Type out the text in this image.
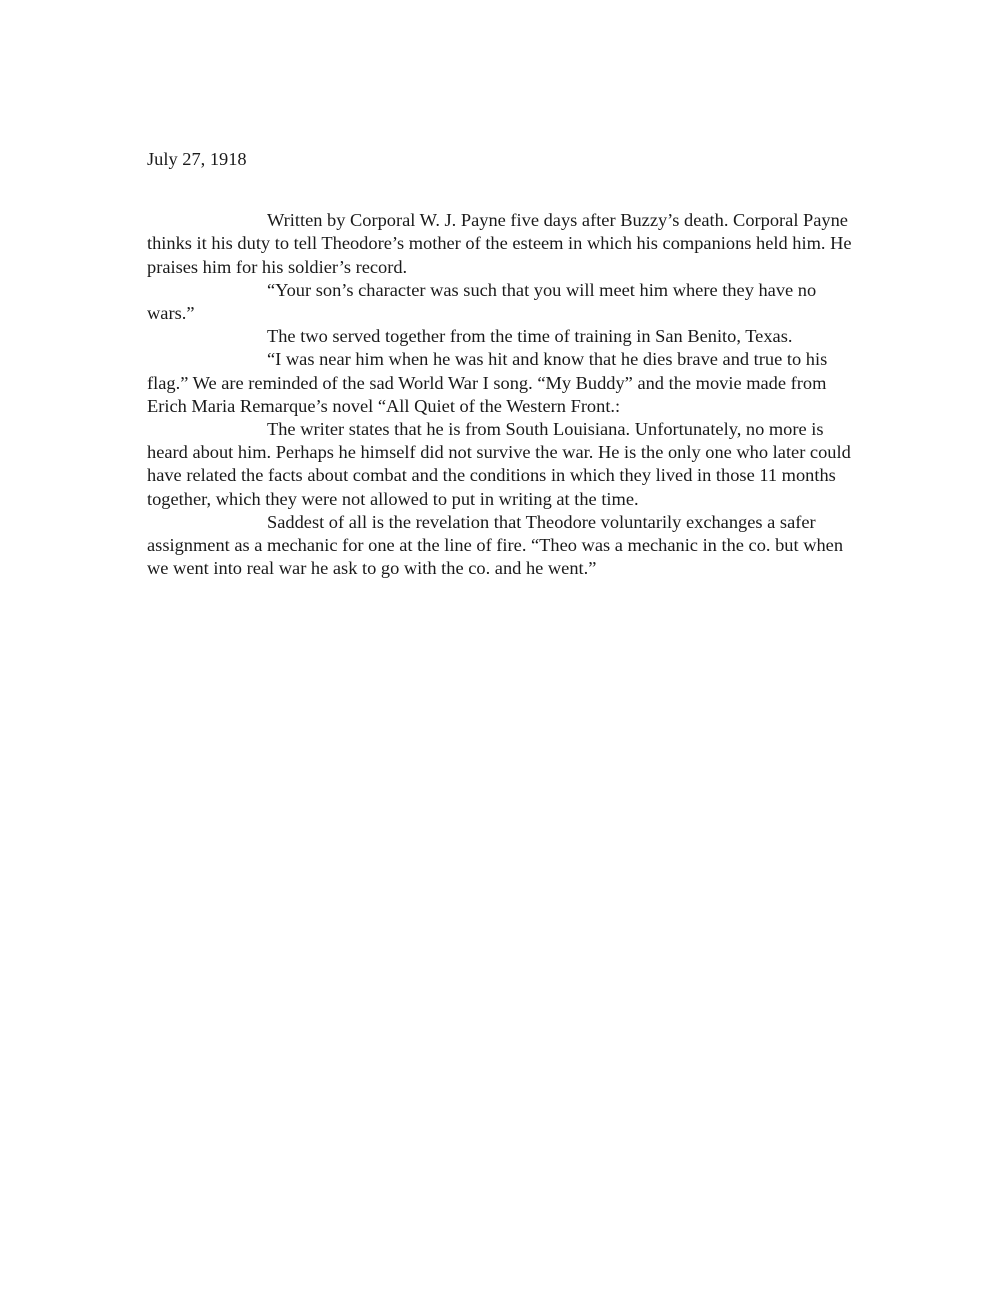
July 27, 1918

Written by Corporal W. J. Payne five days after Buzzy’s death. Corporal Payne thinks it his duty to tell Theodore’s mother of the esteem in which his companions held him. He praises him for his soldier’s record.

“Your son’s character was such that you will meet him where they have no wars.”

The two served together from the time of training in San Benito, Texas.

“I was near him when he was hit and know that he dies brave and true to his flag.” We are reminded of the sad World War I song. “My Buddy” and the movie made from Erich Maria Remarque’s novel “All Quiet of the Western Front.:

The writer states that he is from South Louisiana. Unfortunately, no more is heard about him. Perhaps he himself did not survive the war. He is the only one who later could have related the facts about combat and the conditions in which they lived in those 11 months together, which they were not allowed to put in writing at the time.

Saddest of all is the revelation that Theodore voluntarily exchanges a safer assignment as a mechanic for one at the line of fire. “Theo was a mechanic in the co. but when we went into real war he ask to go with the co. and he went.”
